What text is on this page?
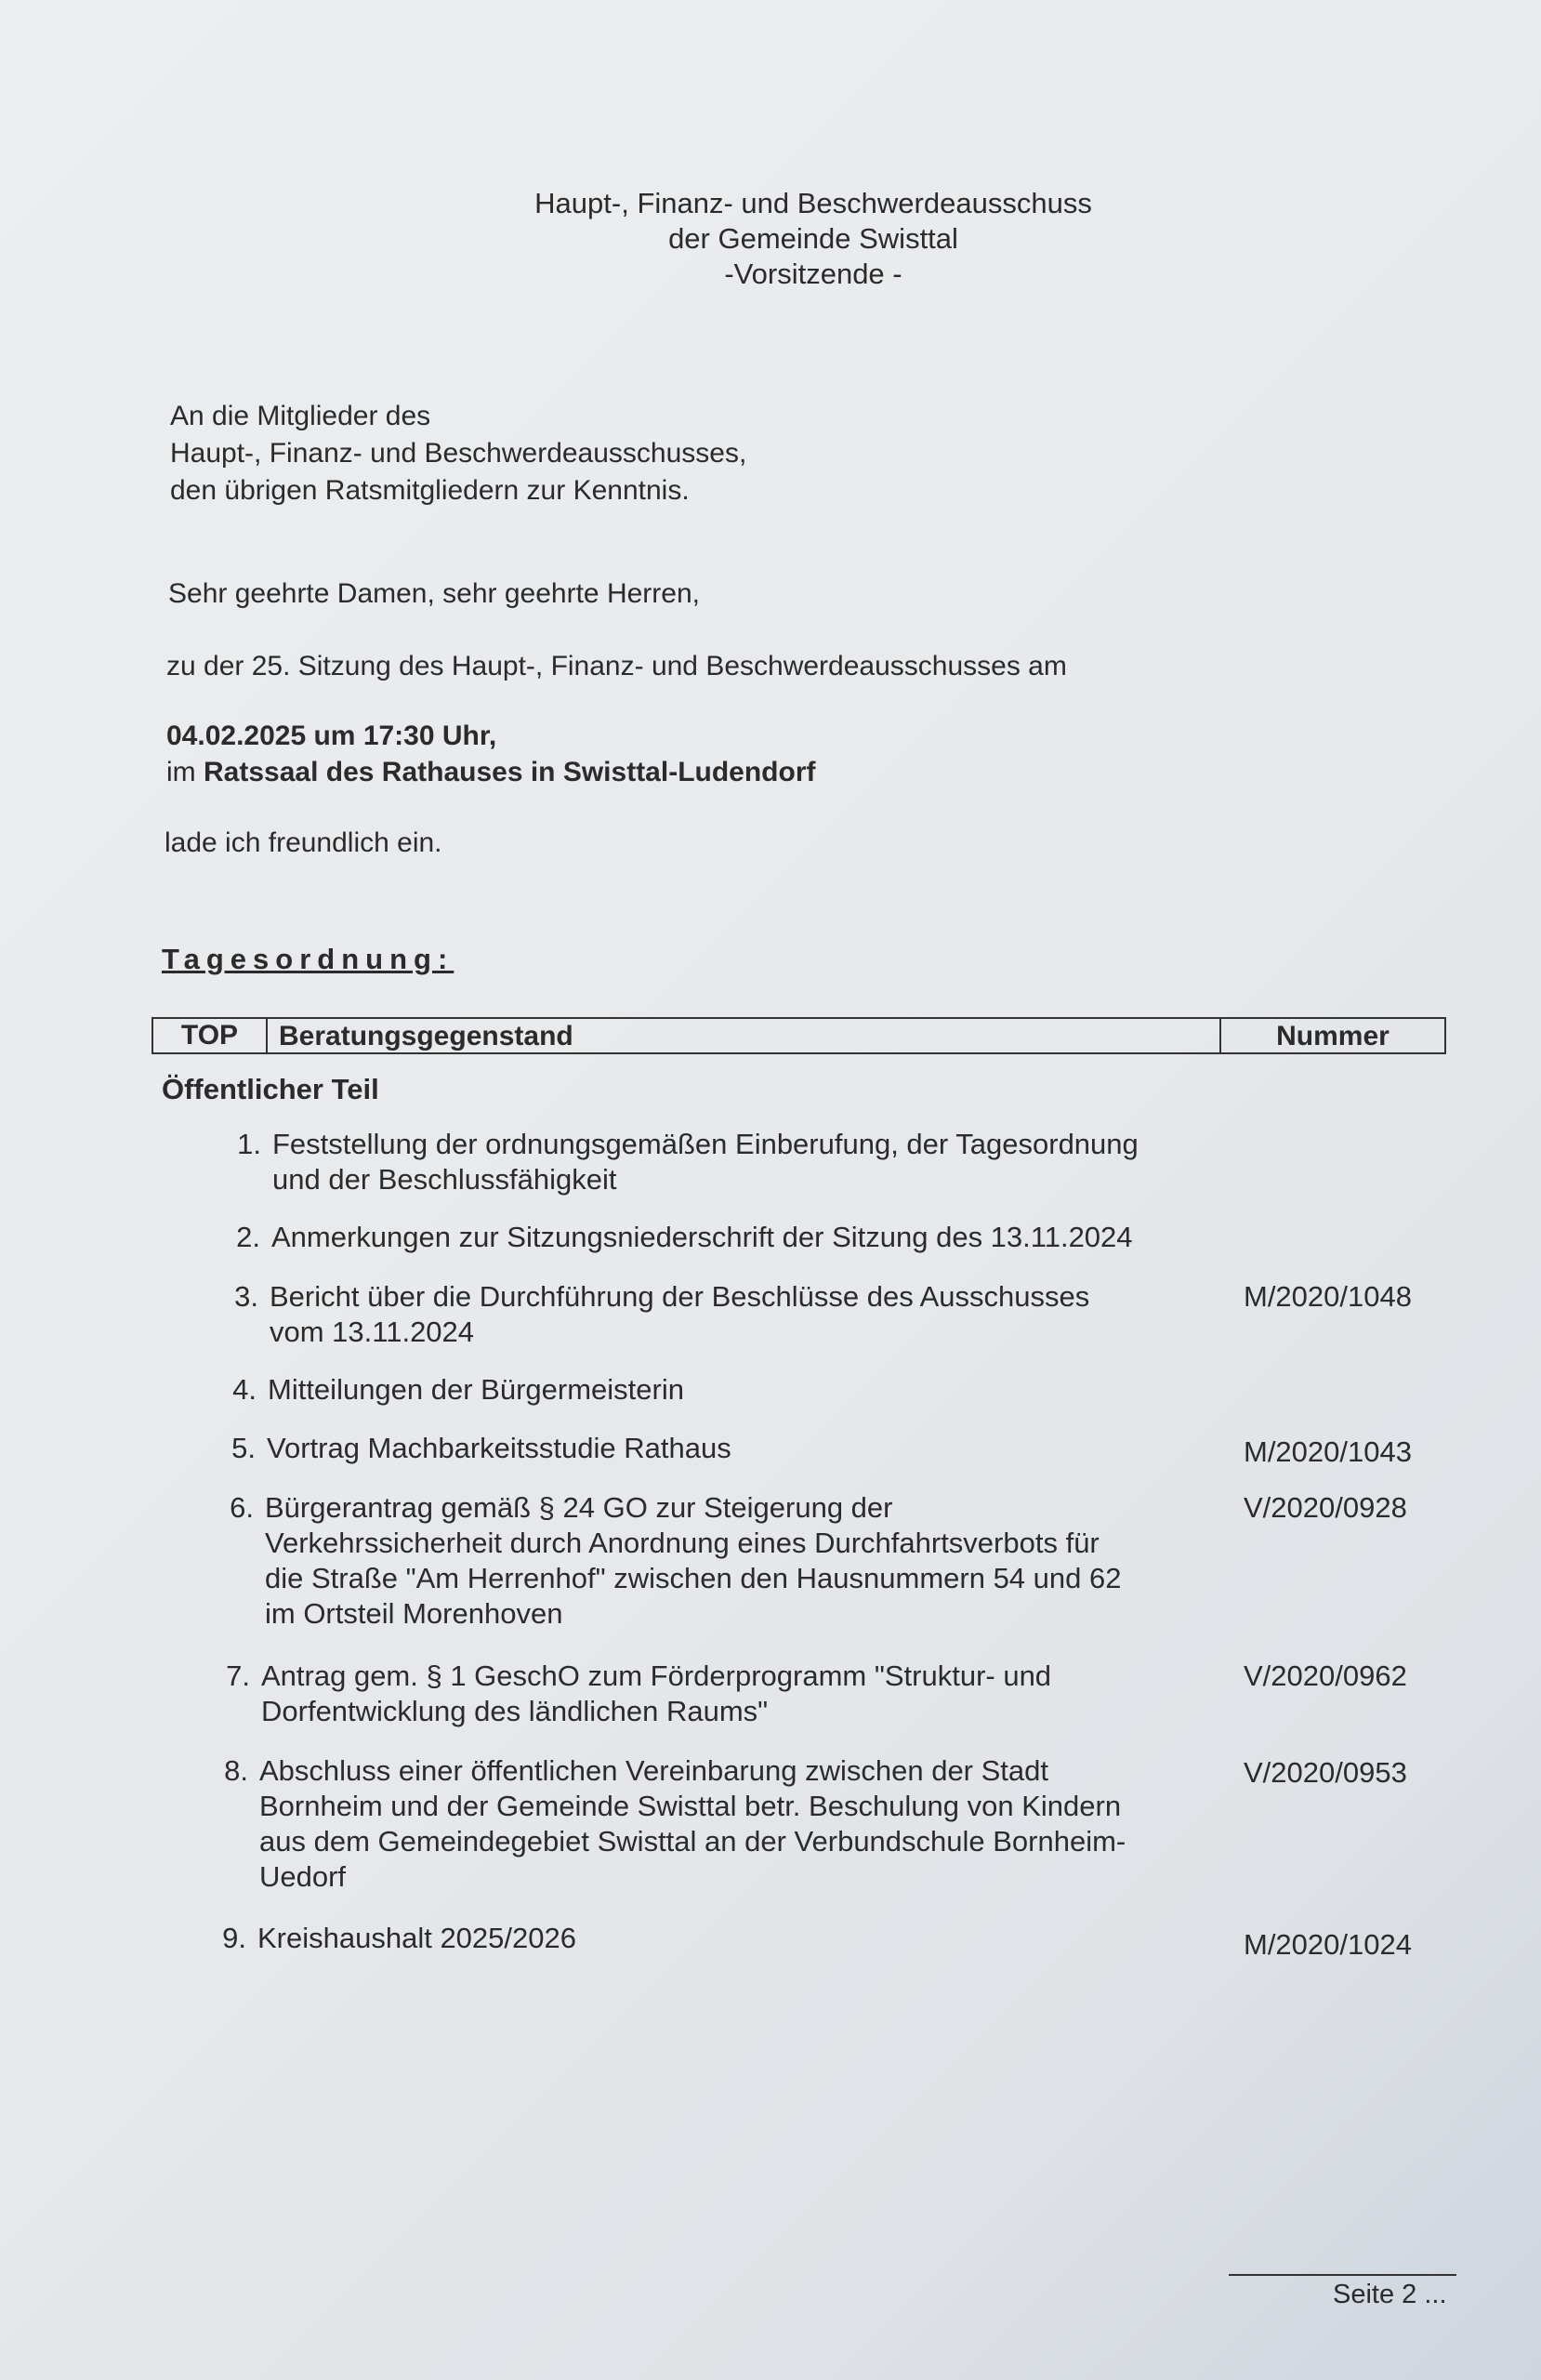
Haupt-, Finanz- und Beschwerdeausschuss
der Gemeinde Swisttal
-Vorsitzende -
An die Mitglieder des
Haupt-, Finanz- und Beschwerdeausschusses,
den übrigen Ratsmitgliedern zur Kenntnis.
Sehr geehrte Damen, sehr geehrte Herren,
zu der 25. Sitzung des Haupt-, Finanz- und Beschwerdeausschusses am
04.02.2025 um 17:30 Uhr,
im Ratssaal des Rathauses in Swisttal-Ludendorf
lade ich freundlich ein.
Tagesordnung:
TOP	Beratungsgegenstand	Nummer
Öffentlicher Teil
1. Feststellung der ordnungsgemäßen Einberufung, der Tagesordnung
und der Beschlussfähigkeit
2. Anmerkungen zur Sitzungsniederschrift der Sitzung des 13.11.2024
3. Bericht über die Durchführung der Beschlüsse des Ausschusses
vom 13.11.2024
M/2020/1048
4. Mitteilungen der Bürgermeisterin
5. Vortrag Machbarkeitsstudie Rathaus	M/2020/1043
6. Bürgerantrag gemäß § 24 GO zur Steigerung der
Verkehrssicherheit durch Anordnung eines Durchfahrtsverbots für
die Straße "Am Herrenhof" zwischen den Hausnummern 54 und 62
im Ortsteil Morenhoven
V/2020/0928
7. Antrag gem. § 1 GeschO zum Förderprogramm "Struktur- und
Dorfentwicklung des ländlichen Raums"
V/2020/0962
8. Abschluss einer öffentlichen Vereinbarung zwischen der Stadt
Bornheim und der Gemeinde Swisttal betr. Beschulung von Kindern
aus dem Gemeindegebiet Swisttal an der Verbundschule Bornheim-
Uedorf
V/2020/0953
9. Kreishaushalt 2025/2026	M/2020/1024
Seite 2 ...
